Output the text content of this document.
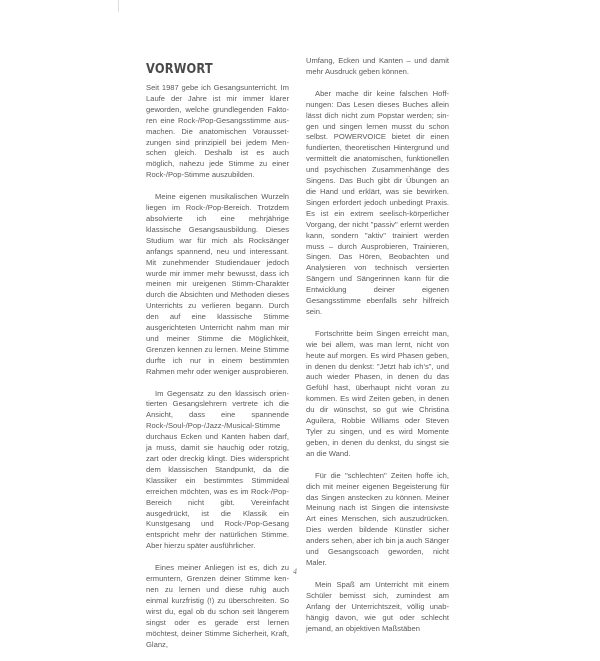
VORWORT

Seit 1987 gebe ich Gesangsunterricht. Im Laufe der Jahre ist mir immer klarer geworden, welche grundlegenden Faktoren eine Rock-/Pop-Gesangsstimme ausmachen. Die anatomischen Voraussetzungen sind prinzipiell bei jedem Menschen gleich. Deshalb ist es auch möglich, nahezu jede Stimme zu einer Rock-/Pop-Stimme auszubilden.

Meine eigenen musikalischen Wurzeln liegen im Rock-/Pop-Bereich. Trotzdem absolvierte ich eine mehrjährige klassische Gesangsausbildung. Dieses Studium war für mich als Rocksänger anfangs spannend, neu und interessant. Mit zunehmender Studiendauer jedoch wurde mir immer mehr bewusst, dass ich meinen mir ureigenen Stimm-Charakter durch die Absichten und Methoden dieses Unterrichts zu verlieren begann. Durch den auf eine klassische Stimme ausgerichteten Unterricht nahm man mir und meiner Stimme die Möglichkeit, Grenzen kennen zu lernen. Meine Stimme durfte ich nur in einem bestimmten Rahmen mehr oder weniger ausprobieren.

Im Gegensatz zu den klassisch orientierten Gesangslehrern vertrete ich die Ansicht, dass eine spannende Rock-/Soul-/Pop-/Jazz-/Musical-Stimme durchaus Ecken und Kanten haben darf, ja muss, damit sie hauchig oder rotzig, zart oder dreckig klingt. Dies widerspricht dem klassischen Standpunkt, da die Klassiker ein bestimmtes Stimmideal erreichen möchten, was es im Rock-/Pop-Bereich nicht gibt. Vereinfacht ausgedrückt, ist die Klassik ein Kunstgesang und Rock-/Pop-Gesang entspricht mehr der natürlichen Stimme. Aber hierzu später ausführlicher.

Eines meiner Anliegen ist es, dich zu ermuntern, Grenzen deiner Stimme kennen zu lernen und diese ruhig auch einmal kurzfristig (!) zu überschreiten. So wirst du, egal ob du schon seit längerem singst oder es gerade erst lernen möchtest, deiner Stimme Sicherheit, Kraft, Glanz,

Umfang, Ecken und Kanten – und damit mehr Ausdruck geben können.

Aber mache dir keine falschen Hoffnungen: Das Lesen dieses Buches allein lässt dich nicht zum Popstar werden; singen und singen lernen musst du schon selbst. POWERVOICE bietet dir einen fundierten, theoretischen Hintergrund und vermittelt die anatomischen, funktionellen und psychischen Zusammenhänge des Singens. Das Buch gibt dir Übungen an die Hand und erklärt, was sie bewirken. Singen erfordert jedoch unbedingt Praxis. Es ist ein extrem seelisch-körperlicher Vorgang, der nicht "passiv" erlernt werden kann, sondern "aktiv" trainiert werden muss – durch Ausprobieren, Trainieren, Singen. Das Hören, Beobachten und Analysieren von technisch versierten Sängern und Sängerinnen kann für die Entwicklung deiner eigenen Gesangsstimme ebenfalls sehr hilfreich sein.

Fortschritte beim Singen erreicht man, wie bei allem, was man lernt, nicht von heute auf morgen. Es wird Phasen geben, in denen du denkst: "Jetzt hab ich's", und auch wieder Phasen, in denen du das Gefühl hast, überhaupt nicht voran zu kommen. Es wird Zeiten geben, in denen du dir wünschst, so gut wie Christina Aguilera, Robbie Williams oder Steven Tyler zu singen, und es wird Momente geben, in denen du denkst, du singst sie an die Wand.

Für die "schlechten" Zeiten hoffe ich, dich mit meiner eigenen Begeisterung für das Singen anstecken zu können. Meiner Meinung nach ist Singen die intensivste Art eines Menschen, sich auszudrücken. Dies werden bildende Künstler sicher anders sehen, aber ich bin ja auch Sänger und Gesangscoach geworden, nicht Maler.

Mein Spaß am Unterricht mit einem Schüler bemisst sich, zumindest am Anfang der Unterrichtszeit, völlig unabhängig davon, wie gut oder schlecht jemand, an objektiven Maßstäben

4
